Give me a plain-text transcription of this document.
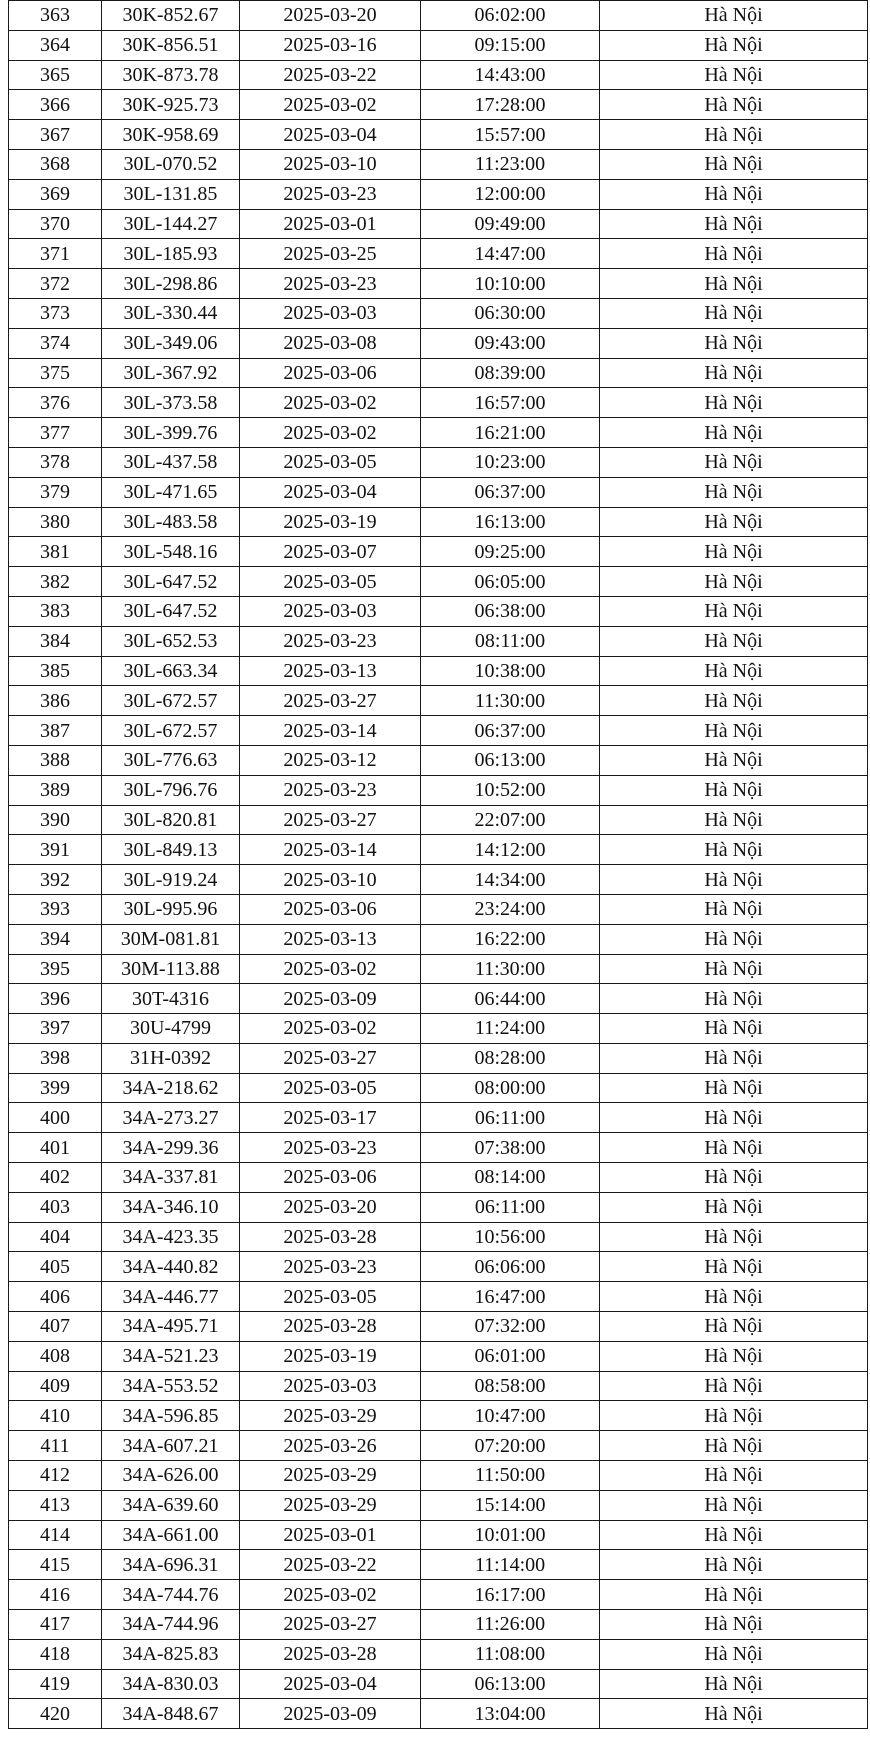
363	30K-852.67	2025-03-20	06:02:00	Hà Nội
364	30K-856.51	2025-03-16	09:15:00	Hà Nội
365	30K-873.78	2025-03-22	14:43:00	Hà Nội
366	30K-925.73	2025-03-02	17:28:00	Hà Nội
367	30K-958.69	2025-03-04	15:57:00	Hà Nội
368	30L-070.52	2025-03-10	11:23:00	Hà Nội
369	30L-131.85	2025-03-23	12:00:00	Hà Nội
370	30L-144.27	2025-03-01	09:49:00	Hà Nội
371	30L-185.93	2025-03-25	14:47:00	Hà Nội
372	30L-298.86	2025-03-23	10:10:00	Hà Nội
373	30L-330.44	2025-03-03	06:30:00	Hà Nội
374	30L-349.06	2025-03-08	09:43:00	Hà Nội
375	30L-367.92	2025-03-06	08:39:00	Hà Nội
376	30L-373.58	2025-03-02	16:57:00	Hà Nội
377	30L-399.76	2025-03-02	16:21:00	Hà Nội
378	30L-437.58	2025-03-05	10:23:00	Hà Nội
379	30L-471.65	2025-03-04	06:37:00	Hà Nội
380	30L-483.58	2025-03-19	16:13:00	Hà Nội
381	30L-548.16	2025-03-07	09:25:00	Hà Nội
382	30L-647.52	2025-03-05	06:05:00	Hà Nội
383	30L-647.52	2025-03-03	06:38:00	Hà Nội
384	30L-652.53	2025-03-23	08:11:00	Hà Nội
385	30L-663.34	2025-03-13	10:38:00	Hà Nội
386	30L-672.57	2025-03-27	11:30:00	Hà Nội
387	30L-672.57	2025-03-14	06:37:00	Hà Nội
388	30L-776.63	2025-03-12	06:13:00	Hà Nội
389	30L-796.76	2025-03-23	10:52:00	Hà Nội
390	30L-820.81	2025-03-27	22:07:00	Hà Nội
391	30L-849.13	2025-03-14	14:12:00	Hà Nội
392	30L-919.24	2025-03-10	14:34:00	Hà Nội
393	30L-995.96	2025-03-06	23:24:00	Hà Nội
394	30M-081.81	2025-03-13	16:22:00	Hà Nội
395	30M-113.88	2025-03-02	11:30:00	Hà Nội
396	30T-4316	2025-03-09	06:44:00	Hà Nội
397	30U-4799	2025-03-02	11:24:00	Hà Nội
398	31H-0392	2025-03-27	08:28:00	Hà Nội
399	34A-218.62	2025-03-05	08:00:00	Hà Nội
400	34A-273.27	2025-03-17	06:11:00	Hà Nội
401	34A-299.36	2025-03-23	07:38:00	Hà Nội
402	34A-337.81	2025-03-06	08:14:00	Hà Nội
403	34A-346.10	2025-03-20	06:11:00	Hà Nội
404	34A-423.35	2025-03-28	10:56:00	Hà Nội
405	34A-440.82	2025-03-23	06:06:00	Hà Nội
406	34A-446.77	2025-03-05	16:47:00	Hà Nội
407	34A-495.71	2025-03-28	07:32:00	Hà Nội
408	34A-521.23	2025-03-19	06:01:00	Hà Nội
409	34A-553.52	2025-03-03	08:58:00	Hà Nội
410	34A-596.85	2025-03-29	10:47:00	Hà Nội
411	34A-607.21	2025-03-26	07:20:00	Hà Nội
412	34A-626.00	2025-03-29	11:50:00	Hà Nội
413	34A-639.60	2025-03-29	15:14:00	Hà Nội
414	34A-661.00	2025-03-01	10:01:00	Hà Nội
415	34A-696.31	2025-03-22	11:14:00	Hà Nội
416	34A-744.76	2025-03-02	16:17:00	Hà Nội
417	34A-744.96	2025-03-27	11:26:00	Hà Nội
418	34A-825.83	2025-03-28	11:08:00	Hà Nội
419	34A-830.03	2025-03-04	06:13:00	Hà Nội
420	34A-848.67	2025-03-09	13:04:00	Hà Nội
